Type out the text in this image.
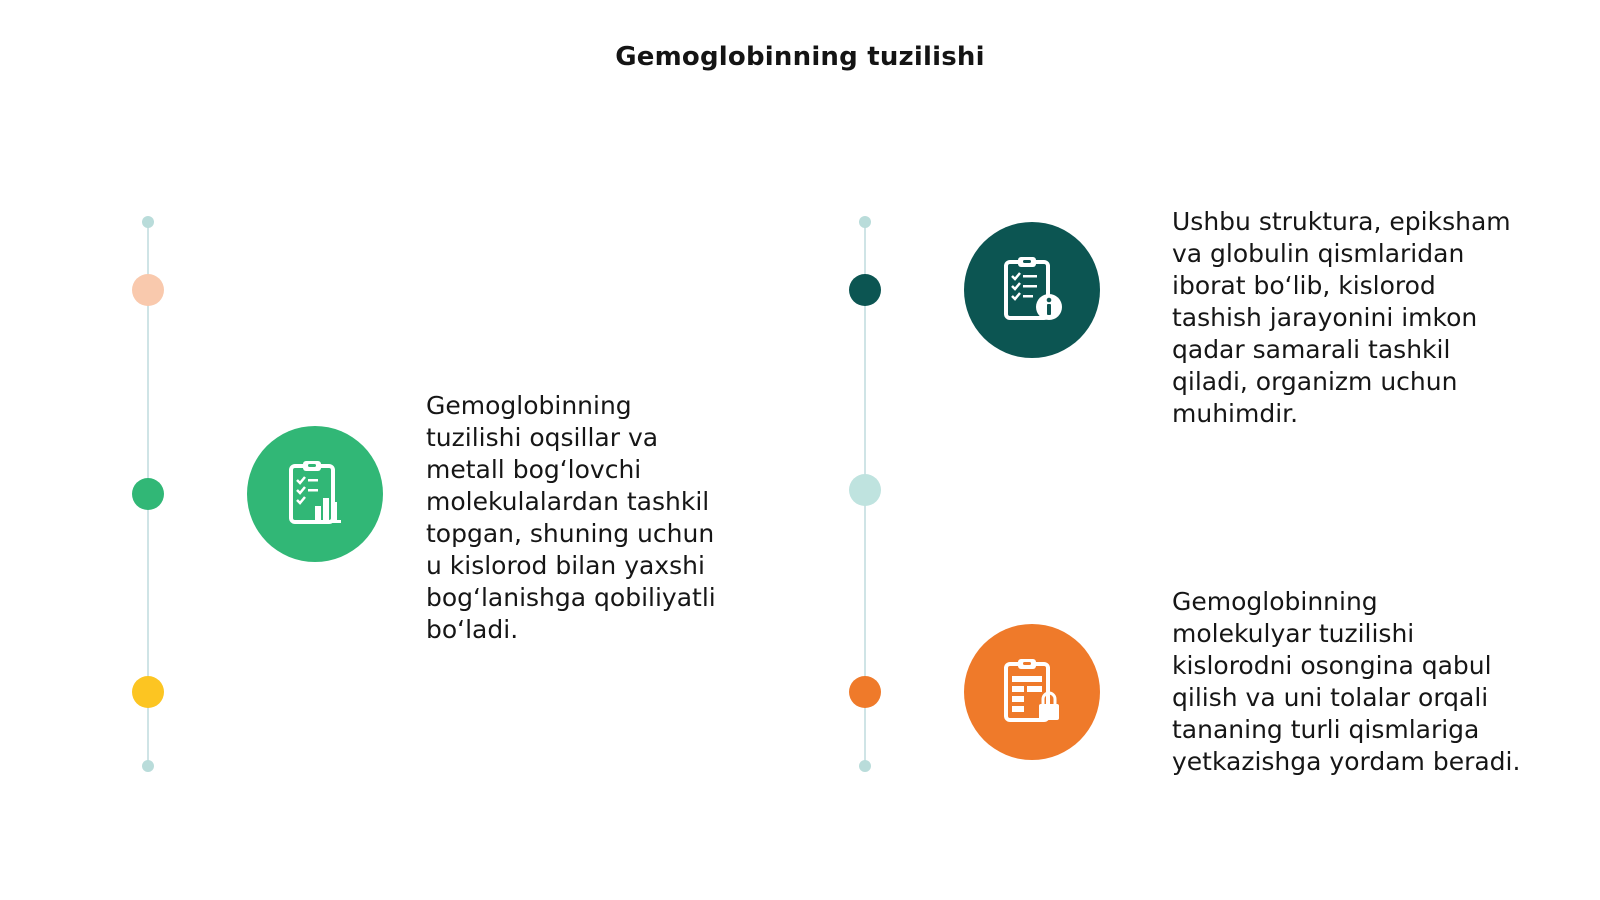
Gemoglobinning tuzilishi
Gemoglobinning
tuzilishi oqsillar va
metall bog‘lovchi
molekulalardan tashkil
topgan, shuning uchun
u kislorod bilan yaxshi
bog‘lanishga qobiliyatli
bo‘ladi.
Ushbu struktura, epiksham
va globulin qismlaridan
iborat bo‘lib, kislorod
tashish jarayonini imkon
qadar samarali tashkil
qiladi, organizm uchun
muhimdir.
Gemoglobinning
molekulyar tuzilishi
kislorodni osongina qabul
qilish va uni tolalar orqali
tananing turli qismlariga
yetkazishga yordam beradi.
